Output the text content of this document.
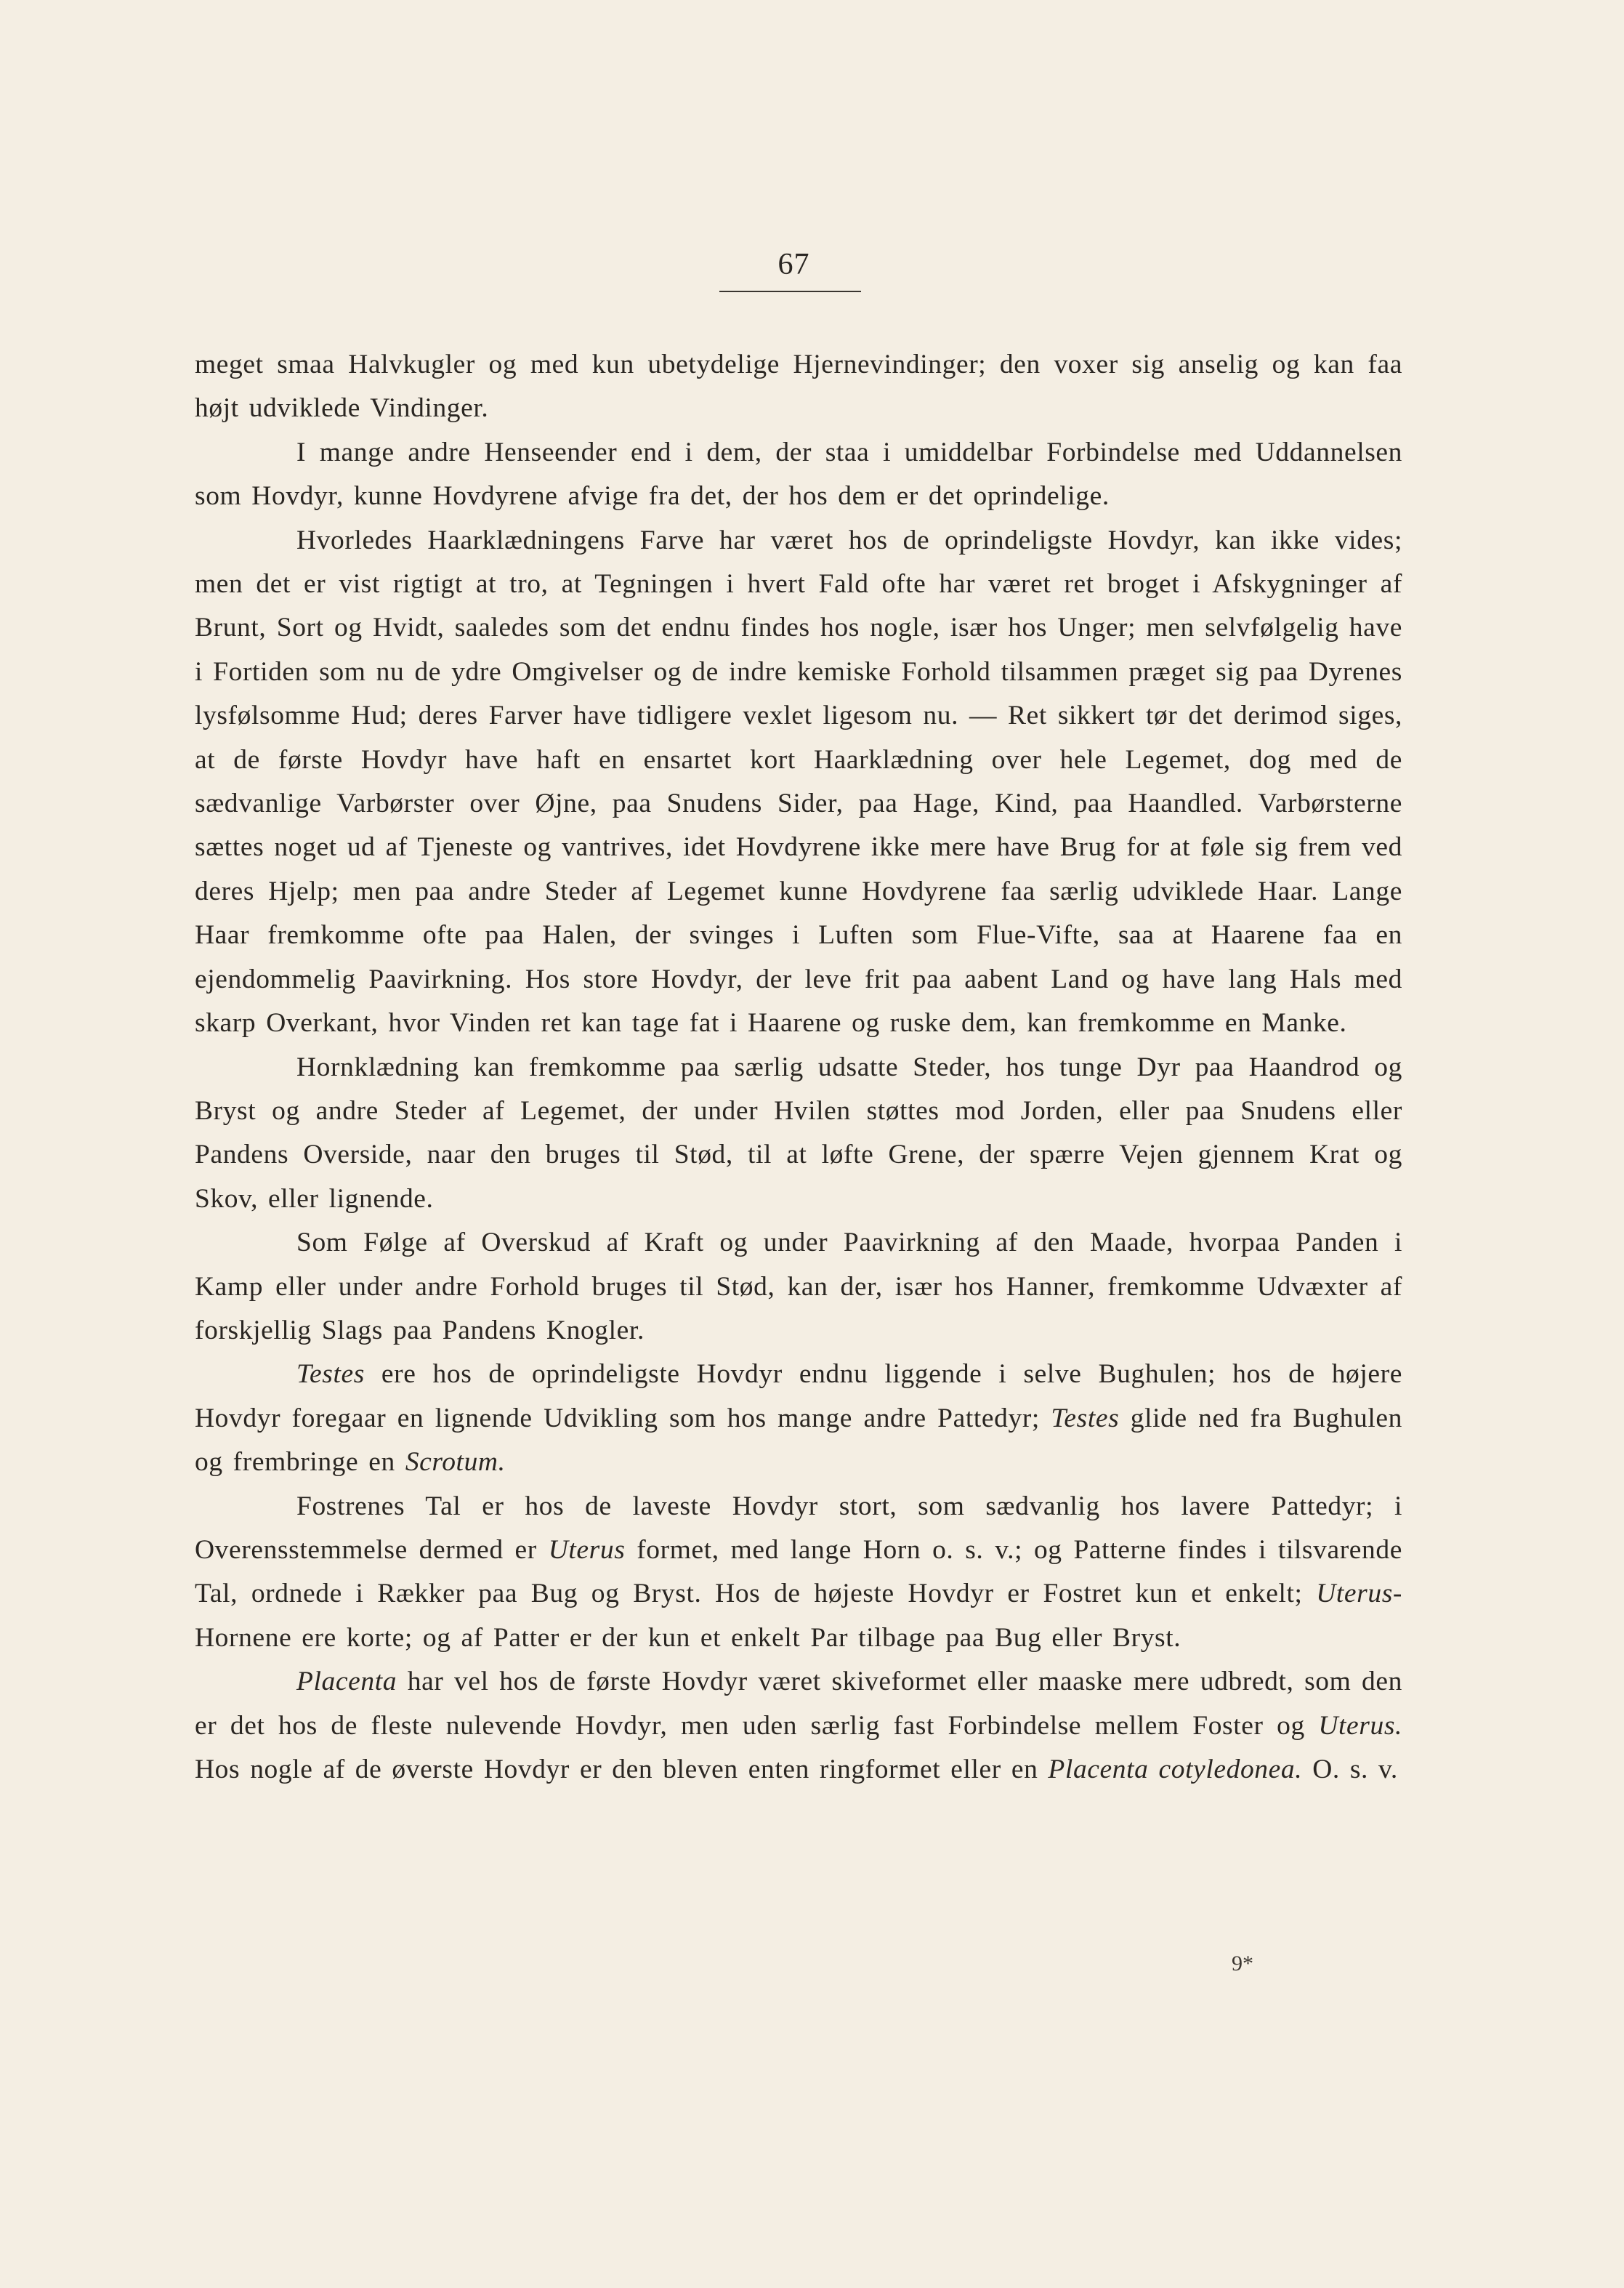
67

meget smaa Halvkugler og med kun ubetydelige Hjernevindinger; den voxer sig anselig og kan faa højt udviklede Vindinger.

I mange andre Henseender end i dem, der staa i umiddelbar Forbindelse med Uddannelsen som Hovdyr, kunne Hovdyrene afvige fra det, der hos dem er det oprindelige.

Hvorledes Haarklædningens Farve har været hos de oprindeligste Hovdyr, kan ikke vides; men det er vist rigtigt at tro, at Tegningen i hvert Fald ofte har været ret broget i Afskygninger af Brunt, Sort og Hvidt, saaledes som det endnu findes hos nogle, især hos Unger; men selvfølgelig have i Fortiden som nu de ydre Omgivelser og de indre kemiske Forhold tilsammen præget sig paa Dyrenes lysfølsomme Hud; deres Farver have tidligere vexlet ligesom nu. — Ret sikkert tør det derimod siges, at de første Hovdyr have haft en ensartet kort Haarklædning over hele Legemet, dog med de sædvanlige Varbørster over Øjne, paa Snudens Sider, paa Hage, Kind, paa Haandled. Varbørsterne sættes noget ud af Tjeneste og vantrives, idet Hovdyrene ikke mere have Brug for at føle sig frem ved deres Hjelp; men paa andre Steder af Legemet kunne Hovdyrene faa særlig udviklede Haar. Lange Haar fremkomme ofte paa Halen, der svinges i Luften som Flue-Vifte, saa at Haarene faa en ejendommelig Paavirkning. Hos store Hovdyr, der leve frit paa aabent Land og have lang Hals med skarp Overkant, hvor Vinden ret kan tage fat i Haarene og ruske dem, kan fremkomme en Manke.

Hornklædning kan fremkomme paa særlig udsatte Steder, hos tunge Dyr paa Haandrod og Bryst og andre Steder af Legemet, der under Hvilen støttes mod Jorden, eller paa Snudens eller Pandens Overside, naar den bruges til Stød, til at løfte Grene, der spærre Vejen gjennem Krat og Skov, eller lignende.

Som Følge af Overskud af Kraft og under Paavirkning af den Maade, hvorpaa Panden i Kamp eller under andre Forhold bruges til Stød, kan der, især hos Hanner, fremkomme Udvæxter af forskjellig Slags paa Pandens Knogler.

Testes ere hos de oprindeligste Hovdyr endnu liggende i selve Bughulen; hos de højere Hovdyr foregaar en lignende Udvikling som hos mange andre Pattedyr; Testes glide ned fra Bughulen og frembringe en Scrotum.

Fostrenes Tal er hos de laveste Hovdyr stort, som sædvanlig hos lavere Pattedyr; i Overensstemmelse dermed er Uterus formet, med lange Horn o. s. v.; og Patterne findes i tilsvarende Tal, ordnede i Rækker paa Bug og Bryst. Hos de højeste Hovdyr er Fostret kun et enkelt; Uterus-Hornene ere korte; og af Patter er der kun et enkelt Par tilbage paa Bug eller Bryst.

Placenta har vel hos de første Hovdyr været skiveformet eller maaske mere udbredt, som den er det hos de fleste nulevende Hovdyr, men uden særlig fast Forbindelse mellem Foster og Uterus. Hos nogle af de øverste Hovdyr er den bleven enten ringformet eller en Placenta cotyledonea. O. s. v.

9*
